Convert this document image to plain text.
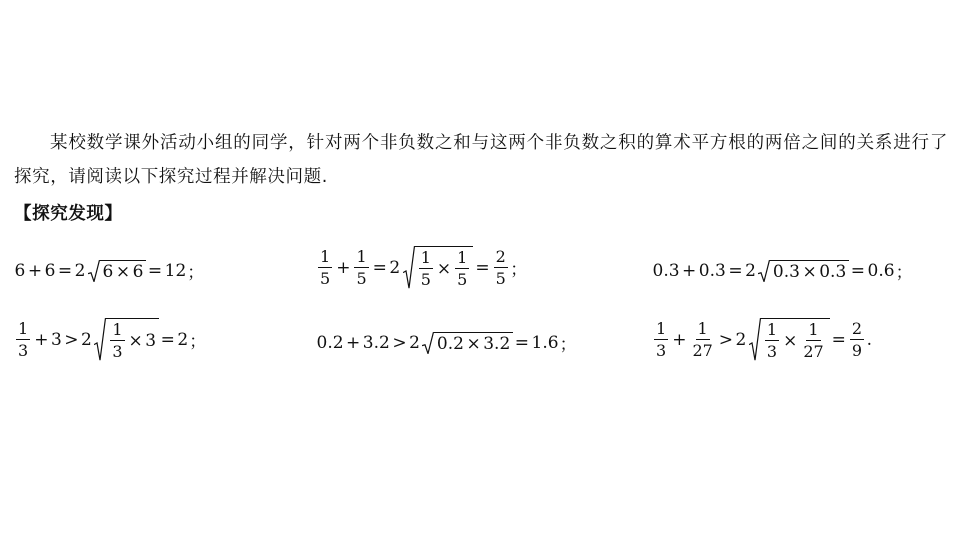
某校数学课外活动小组的同学，针对两个非负数之和与这两个非负数之积的算术平方根的两倍之间的关系进行了探究，请阅读以下探究过程并解决问题.

【探究发现】
6 + 6 = 2 6 × 6 = 12 ；	$\frac{1}{5} + \frac{1}{5} = 2 \frac{1}{5} \times \frac{1}{5} = \frac{2}{5}$ ；	0.3 + 0.3 = 2 0.3 × 0.3 = 0.6 ；
$\frac{1}{3} + 3 > 2 \frac{1}{3} \times 3 = 2$ ；	0.2 + 3.2 > 2 0.2 × 3.2 = 1.6 ；	$\frac{1}{3} + \frac{1}{27} > 2 \frac{1}{3} \times \frac{1}{27} = \frac{2}{9}$ .
